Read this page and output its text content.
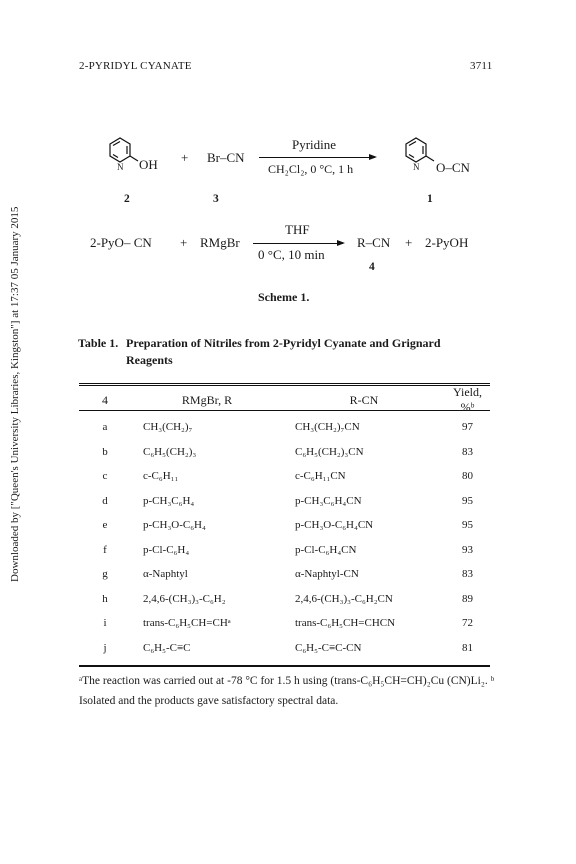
2-PYRIDYL CYANATE	3711
Downloaded by ["Queen's University Libraries, Kingston"] at 17:37 05 January 2015
N OH + Br–CN
Pyridine
CH₂Cl₂, 0 °C, 1 h	N O–CN
2	3	1
2-PyO– CN + RMgBr
THF
0 °C, 10 min
R–CN + 2-PyOH
4
Scheme 1.
Table 1. Preparation of Nitriles from 2-Pyridyl Cyanate and Grignard
Reagents
4	RMgBr, R	R-CN	Yield, %ᵇ
a	CH₃(CH₂)₇	CH₃(CH₂)₇CN	97
b	C₆H₅(CH₂)₃	C₆H₅(CH₂)₃CN	83
c	c-C₆H₁₁	c-C₆H₁₁CN	80
d	p-CH₃C₆H₄	p-CH₃C₆H₄CN	95
e	p-CH₃O-C₆H₄	p-CH₃O-C₆H₄CN	95
f	p-Cl-C₆H₄	p-Cl-C₆H₄CN	93
g	α-Naphtyl	α-Naphtyl-CN	83
h	2,4,6-(CH₃)₃-C₆H₂	2,4,6-(CH₃)₃-C₆H₂CN	89
i	trans-C₆H₅CH=CHᵃ	trans-C₆H₅CH=CHCN	72
j	C₆H₅-C≡C	C₆H₅-C≡C-CN	81
ᵃThe reaction was carried out at -78 °C for 1.5 h using (trans-C₆H₅CH=CH)₂Cu (CN)Li₂. ᵇ Isolated and the products gave satisfactory spectral data.
